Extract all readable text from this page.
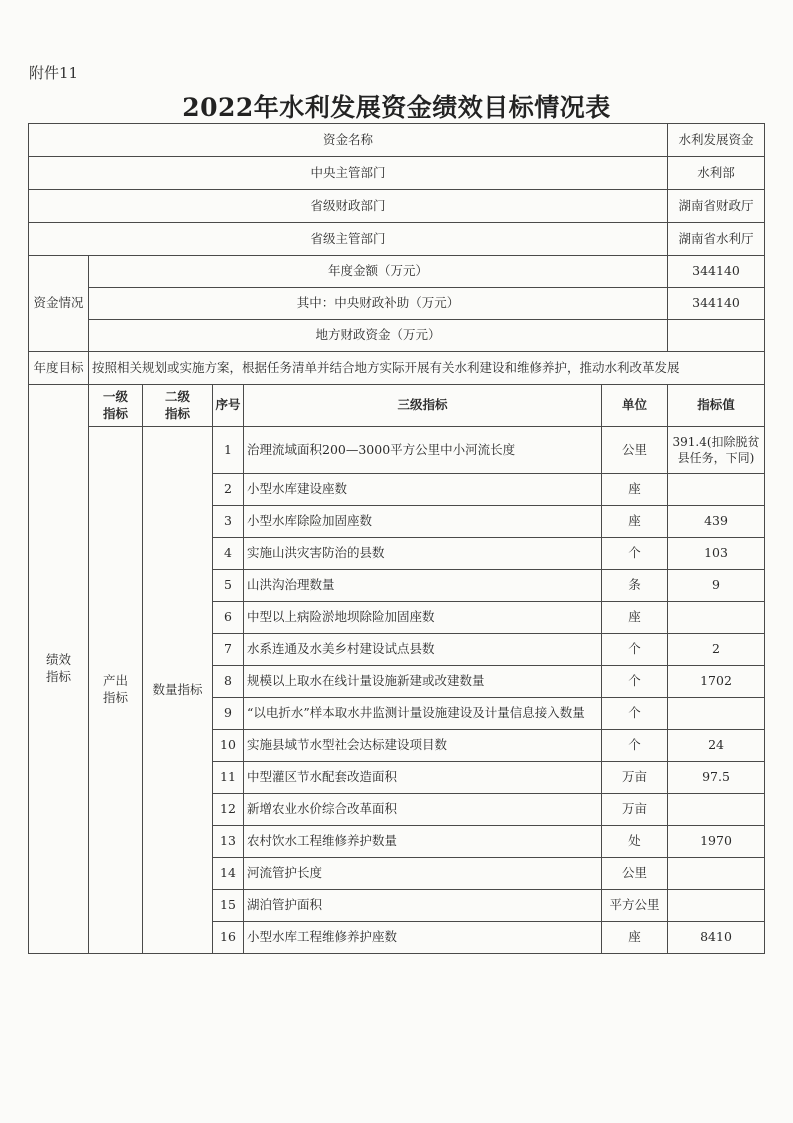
附件11
2022年水利发展资金绩效目标情况表
资金名称						水利发展资金
中央主管部门						水利部
省级财政部门						湖南省财政厅
省级主管部门						湖南省水利厅
资金情况	年度金额（万元）					344140
	其中：中央财政补助（万元）					344140
	地方财政资金（万元）					
年度目标	按照相关规划或实施方案，根据任务清单并结合地方实际开展有关水利建设和维修养护，推动水利改革发展					
绩效指标	一级指标	二级指标	序号	三级指标	单位	指标值
	产出指标	数量指标	1	治理流域面积200—3000平方公里中小河流长度	公里	391.4(扣除脱贫县任务，下同)
			2	小型水库建设座数	座	
			3	小型水库除险加固座数	座	439
			4	实施山洪灾害防治的县数	个	103
			5	山洪沟治理数量	条	9
			6	中型以上病险淤地坝除险加固座数	座	
			7	水系连通及水美乡村建设试点县数	个	2
			8	规模以上取水在线计量设施新建或改建数量	个	1702
			9	“以电折水”样本取水井监测计量设施建设及计量信息接入数量	个	
			10	实施县域节水型社会达标建设项目数	个	24
			11	中型灌区节水配套改造面积	万亩	97.5
			12	新增农业水价综合改革面积	万亩	
			13	农村饮水工程维修养护数量	处	1970
			14	河流管护长度	公里	
			15	湖泊管护面积	平方公里	
			16	小型水库工程维修养护座数	座	8410
